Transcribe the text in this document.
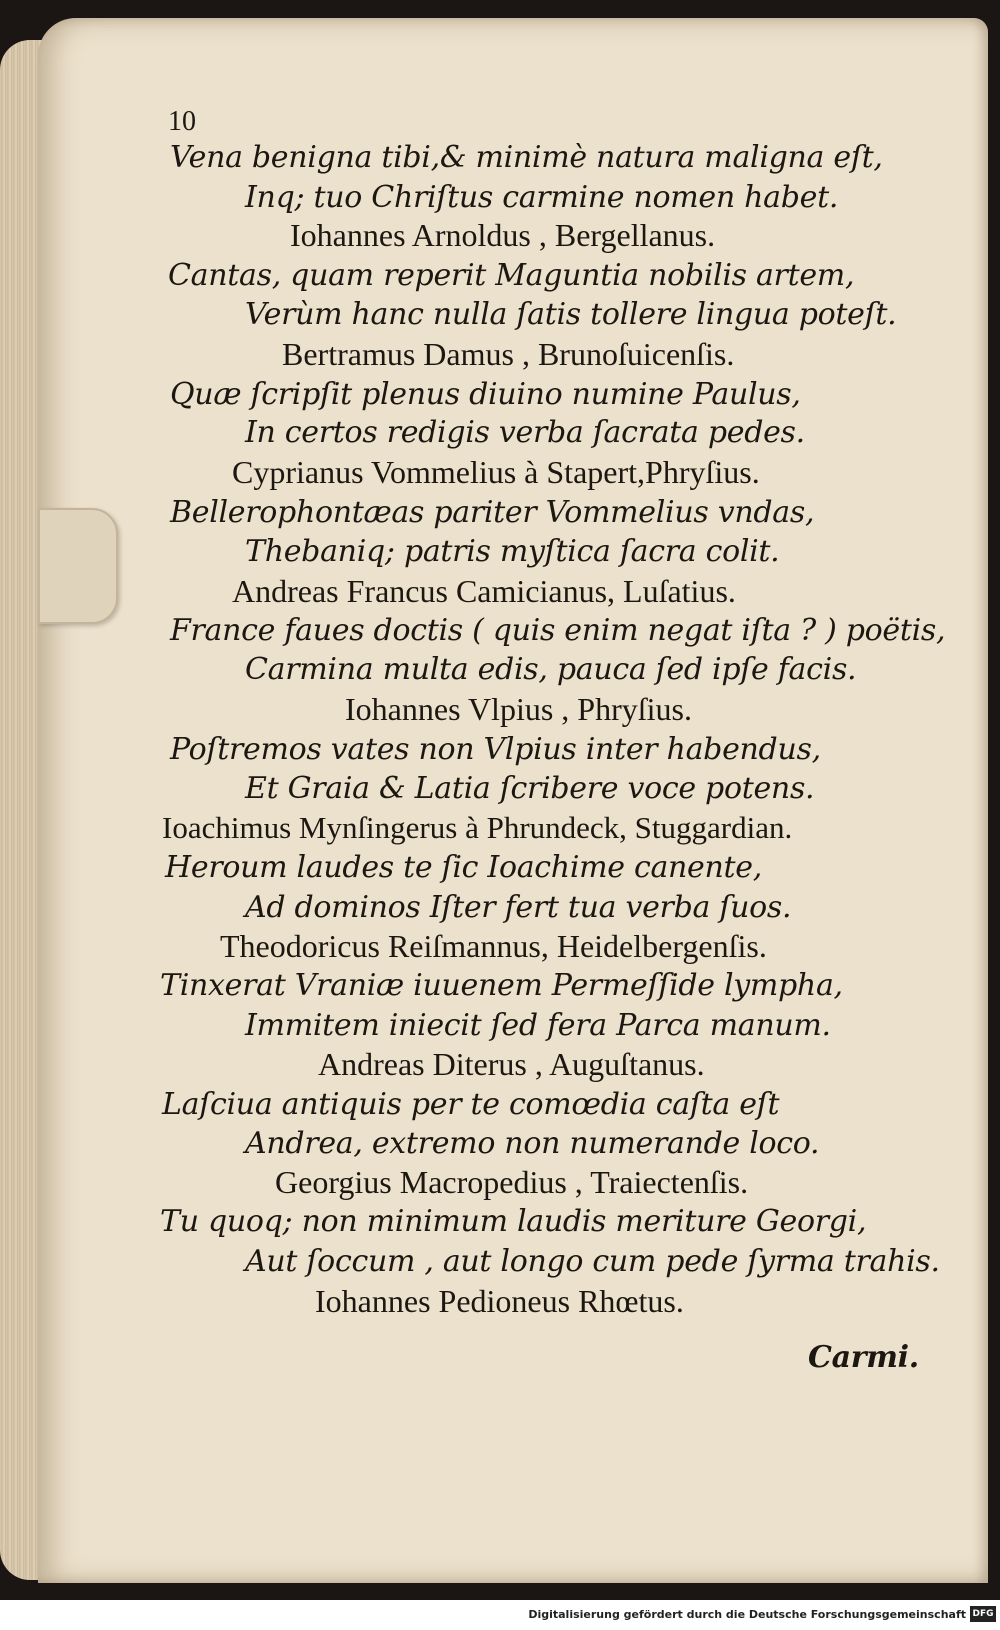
10
Vena benigna tibi,& minimè natura maligna eſt,
Inq; tuo Chriſtus carmine nomen habet.
Iohannes Arnoldus , Bergellanus.
Cantas, quam reperit Maguntia nobilis artem,
Verùm hanc nulla ſatis tollere lingua poteſt.
Bertramus Damus , Brunoſuicenſis.
Quæ ſcripſit plenus diuino numine Paulus,
In certos redigis verba ſacrata pedes.
Cyprianus Vommelius à Stapert,Phryſius.
Bellerophontæas pariter Vommelius vndas,
Thebaniq; patris myſtica ſacra colit.
Andreas Francus Camicianus, Luſatius.
France faues doctis ( quis enim negat iſta ? ) poëtis,
Carmina multa edis, pauca ſed ipſe facis.
Iohannes Vlpius , Phryſius.
Poſtremos vates non Vlpius inter habendus,
Et Graia & Latia ſcribere voce potens.
Ioachimus Mynſingerus à Phrundeck, Stuggardian.
Heroum laudes te ſic Ioachime canente,
Ad dominos Iſter fert tua verba ſuos.
Theodoricus Reiſmannus, Heidelbergenſis.
Tinxerat Vraniæ iuuenem Permeſſide lympha,
Immitem iniecit ſed fera Parca manum.
Andreas Diterus , Auguſtanus.
Laſciua antiquis per te comœdia caſta eſt
Andrea, extremo non numerande loco.
Georgius Macropedius , Traiectenſis.
Tu quoq; non minimum laudis meriture Georgi,
Aut ſoccum , aut longo cum pede ſyrma trahis.
Iohannes Pedioneus Rhœtus.
Carmi.
Digitalisierung gefördert durch die Deutsche Forschungsgemeinschaft DFG
